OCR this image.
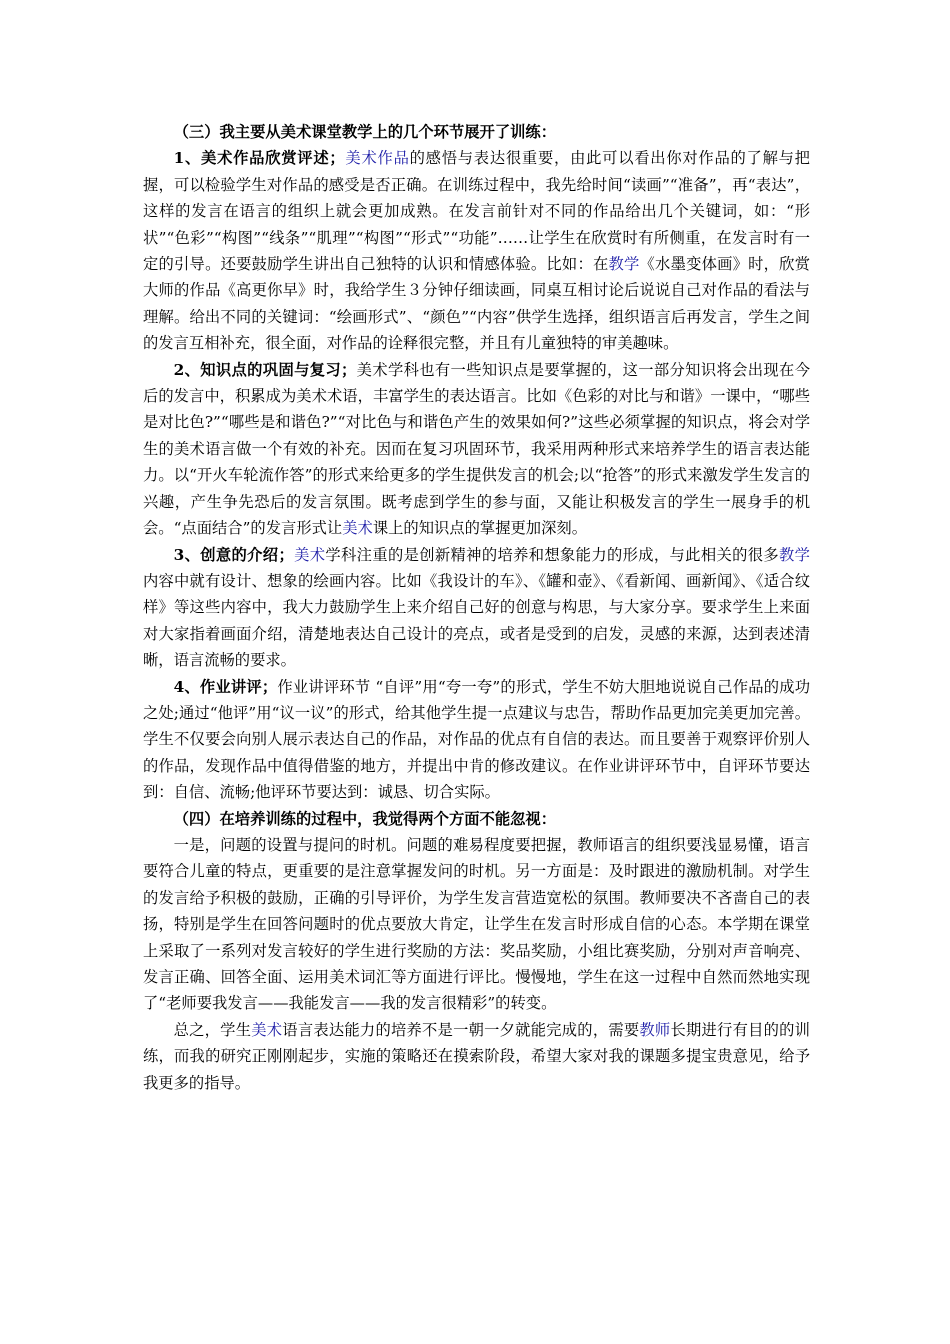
（三）我主要从美术课堂教学上的几个环节展开了训练：

1、美术作品欣赏评述；美术作品的感悟与表达很重要，由此可以看出你对作品的了解与把握，可以检验学生对作品的感受是否正确。在训练过程中，我先给时间“读画”“准备”，再“表达”，这样的发言在语言的组织上就会更加成熟。在发言前针对不同的作品给出几个关键词，如：“形状”“色彩”“构图”“线条”“肌理”“构图”“形式”“功能”……让学生在欣赏时有所侧重，在发言时有一定的引导。还要鼓励学生讲出自己独特的认识和情感体验。比如：在教学《水墨变体画》时，欣赏大师的作品《高更你早》时，我给学生３分钟仔细读画，同桌互相讨论后说说自己对作品的看法与理解。给出不同的关键词：“绘画形式”、“颜色”“内容”供学生选择，组织语言后再发言，学生之间的发言互相补充，很全面，对作品的诠释很完整，并且有儿童独特的审美趣味。

2、知识点的巩固与复习；美术学科也有一些知识点是要掌握的，这一部分知识将会出现在今后的发言中，积累成为美术术语，丰富学生的表达语言。比如《色彩的对比与和谐》一课中，“哪些是对比色?”“哪些是和谐色?”“对比色与和谐色产生的效果如何?”这些必须掌握的知识点，将会对学生的美术语言做一个有效的补充。因而在复习巩固环节，我采用两种形式来培养学生的语言表达能力。以“开火车轮流作答”的形式来给更多的学生提供发言的机会;以“抢答”的形式来激发学生发言的兴趣，产生争先恐后的发言氛围。既考虑到学生的参与面，又能让积极发言的学生一展身手的机会。“点面结合”的发言形式让美术课上的知识点的掌握更加深刻。

3、创意的介绍；美术学科注重的是创新精神的培养和想象能力的形成，与此相关的很多教学内容中就有设计、想象的绘画内容。比如《我设计的车》、《罐和壶》、《看新闻、画新闻》、《适合纹样》等这些内容中，我大力鼓励学生上来介绍自己好的创意与构思，与大家分享。要求学生上来面对大家指着画面介绍，清楚地表达自己设计的亮点，或者是受到的启发，灵感的来源，达到表述清晰，语言流畅的要求。

4、作业讲评；作业讲评环节 “自评”用“夸一夸”的形式，学生不妨大胆地说说自己作品的成功之处;通过“他评”用“议一议”的形式，给其他学生提一点建议与忠告，帮助作品更加完美更加完善。学生不仅要会向别人展示表达自己的作品，对作品的优点有自信的表达。而且要善于观察评价别人的作品，发现作品中值得借鉴的地方，并提出中肯的修改建议。在作业讲评环节中，自评环节要达到：自信、流畅;他评环节要达到：诚恳、切合实际。

（四）在培养训练的过程中，我觉得两个方面不能忽视：

一是，问题的设置与提问的时机。问题的难易程度要把握，教师语言的组织要浅显易懂，语言要符合儿童的特点，更重要的是注意掌握发问的时机。另一方面是：及时跟进的激励机制。对学生的发言给予积极的鼓励，正确的引导评价，为学生发言营造宽松的氛围。教师要决不吝啬自己的表扬，特别是学生在回答问题时的优点要放大肯定，让学生在发言时形成自信的心态。本学期在课堂上采取了一系列对发言较好的学生进行奖励的方法：奖品奖励，小组比赛奖励，分别对声音响亮、发言正确、回答全面、运用美术词汇等方面进行评比。慢慢地，学生在这一过程中自然而然地实现了“老师要我发言——我能发言——我的发言很精彩”的转变。

总之，学生美术语言表达能力的培养不是一朝一夕就能完成的，需要教师长期进行有目的的训练，而我的研究正刚刚起步，实施的策略还在摸索阶段，希望大家对我的课题多提宝贵意见，给予我更多的指导。
